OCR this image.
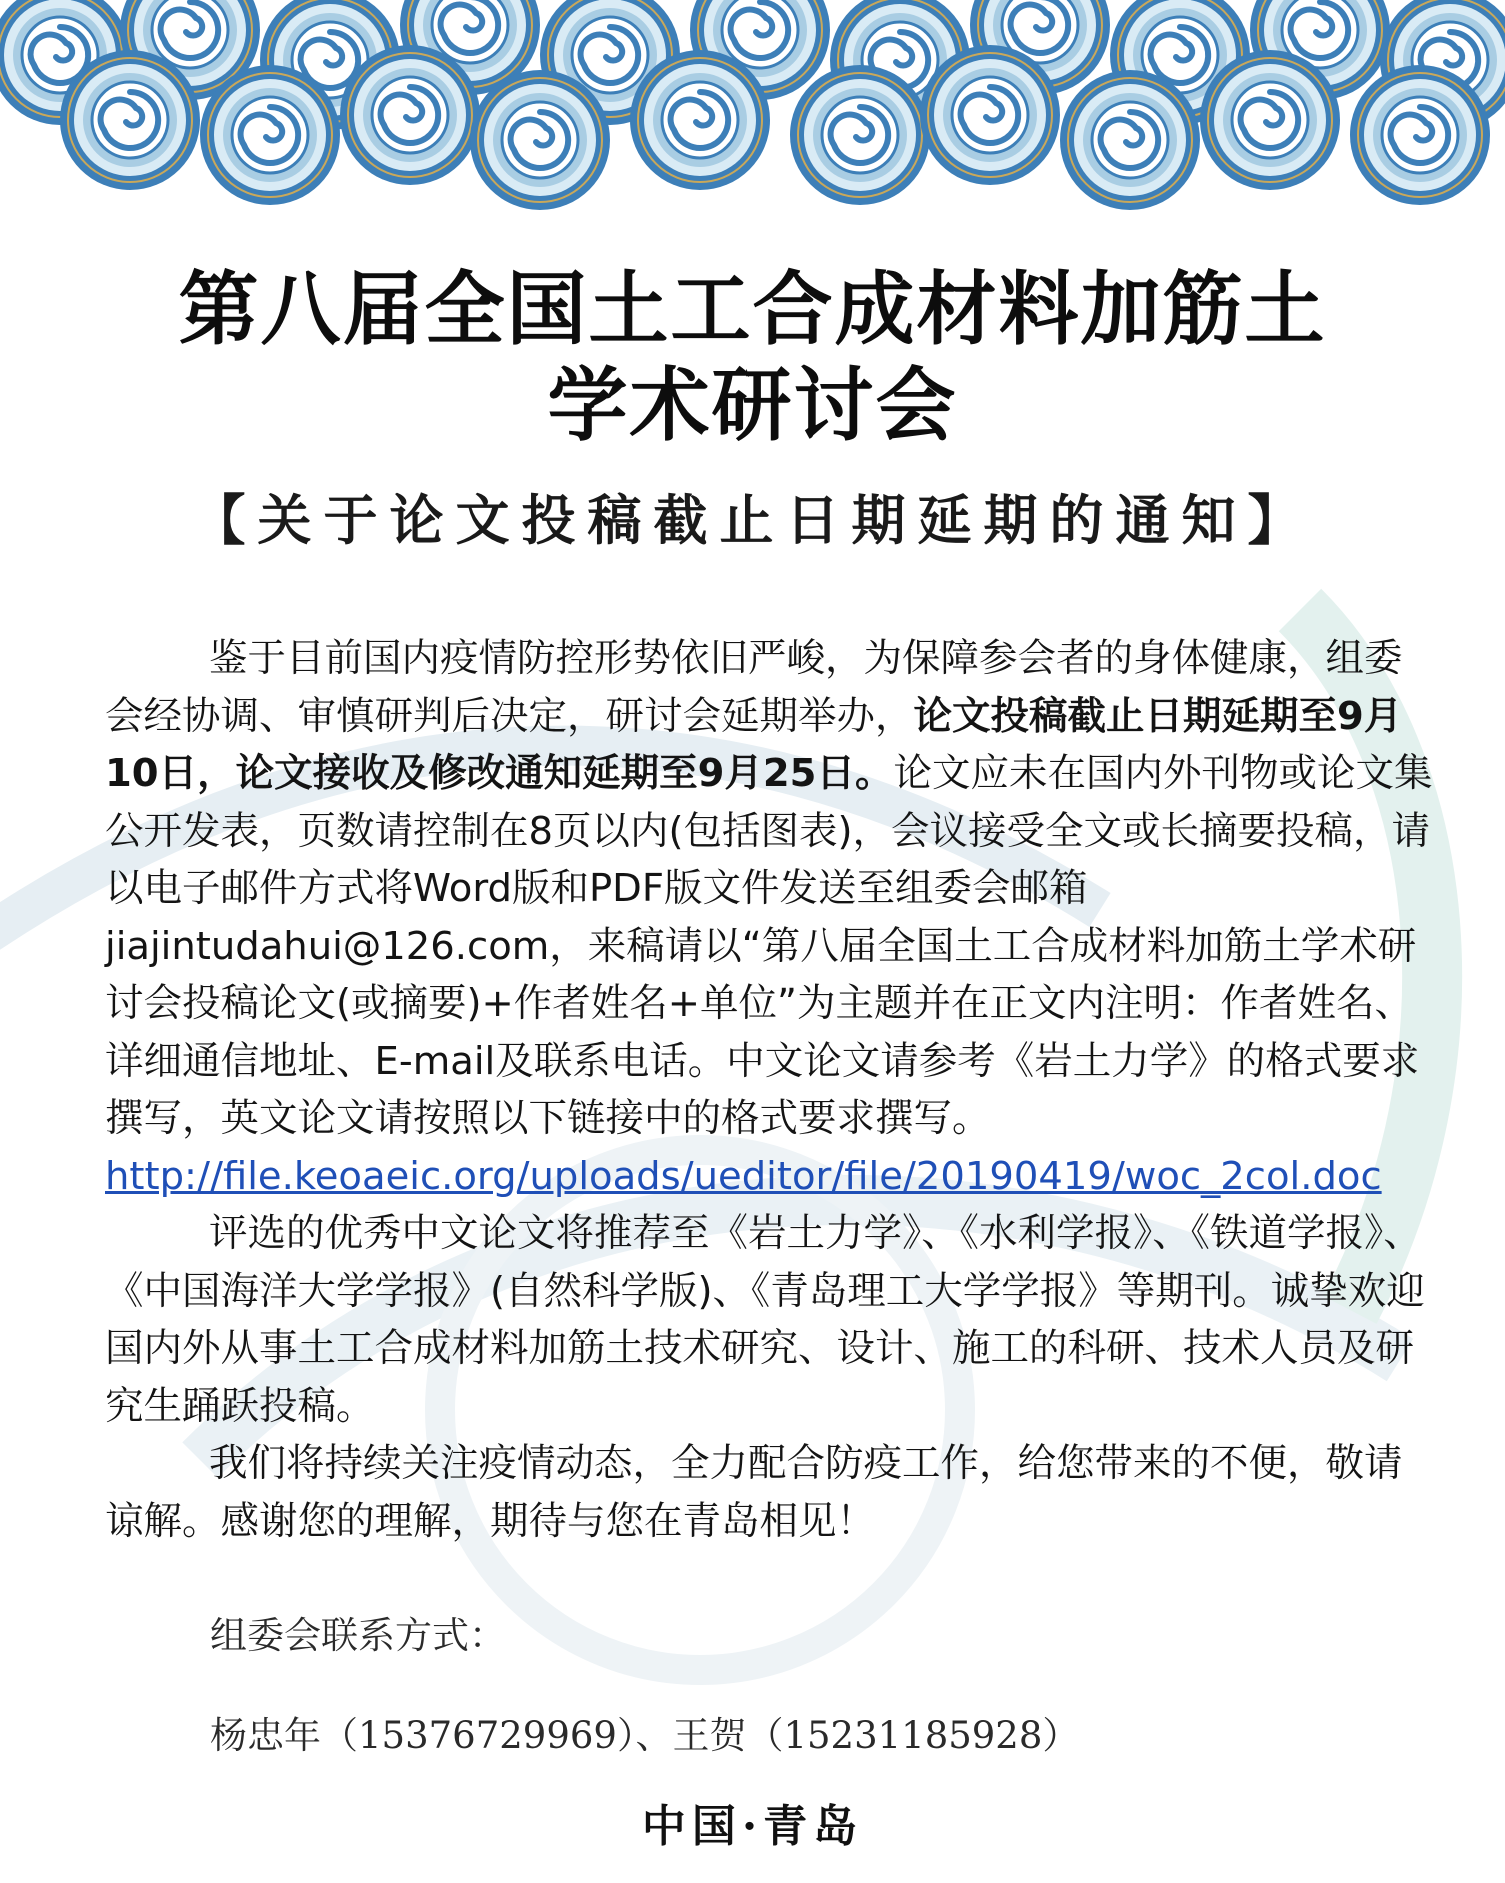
第八届全国土工合成材料加筋土
学术研讨会
【关于论文投稿截止日期延期的通知】

鉴于目前国内疫情防控形势依旧严峻，为保障参会者的身体健康，组委会经协调、审慎研判后决定，研讨会延期举办，论文投稿截止日期延期至9月10日，论文接收及修改通知延期至9月25日。论文应未在国内外刊物或论文集公开发表，页数请控制在8页以内(包括图表)，会议接受全文或长摘要投稿，请以电子邮件方式将Word版和PDF版文件发送至组委会邮箱jiajintudahui@126.com，来稿请以“第八届全国土工合成材料加筋土学术研讨会投稿论文(或摘要)+作者姓名+单位”为主题并在正文内注明：作者姓名、详细通信地址、E-mail及联系电话。中文论文请参考《岩土力学》的格式要求撰写，英文论文请按照以下链接中的格式要求撰写。

http://file.keoaeic.org/uploads/ueditor/file/20190419/woc_2col.doc

评选的优秀中文论文将推荐至《岩土力学》、《水利学报》、《铁道学报》、《中国海洋大学学报》(自然科学版)、《青岛理工大学学报》等期刊。诚挚欢迎国内外从事土工合成材料加筋土技术研究、设计、施工的科研、技术人员及研究生踊跃投稿。

我们将持续关注疫情动态，全力配合防疫工作，给您带来的不便，敬请谅解。感谢您的理解，期待与您在青岛相见！

组委会联系方式：
杨忠年（15376729969）、王贺（15231185928）
中国·青岛
